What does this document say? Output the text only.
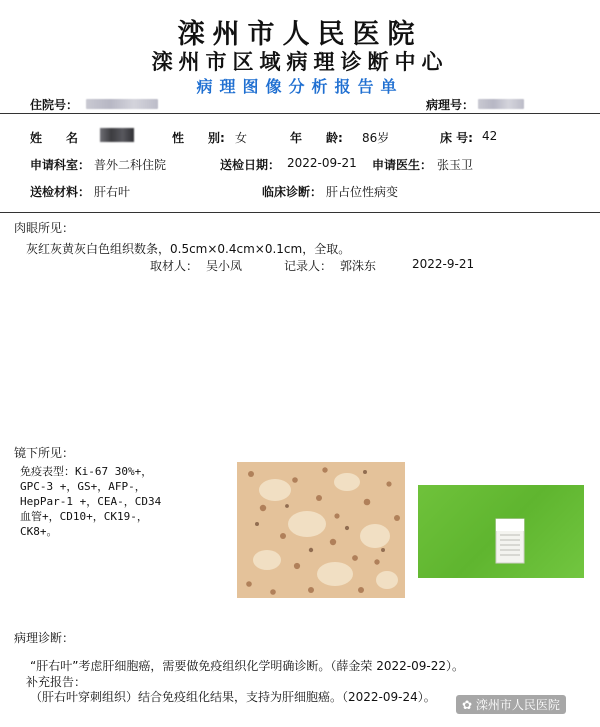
滦州市人民医院
滦州市区域病理诊断中心
病理图像分析报告单
住院号：	病理号：
姓　　名	性　　别: 女	年　　龄: 86岁	床 号: 42
申请科室： 普外二科住院	送检日期： 2022-09-21 申请医生： 张玉卫
送检材料： 肝右叶	临床诊断： 肝占位性病变
肉眼所见：
灰红灰黄灰白色组织数条，0.5cm×0.4cm×0.1cm，全取。
取材人： 吴小凤	记录人： 郭洙东	2022-9-21
镜下所见：
免疫表型：Ki-67 30%+，
GPC-3 +，GS+，AFP-，
HepPar-1 +，CEA-，CD34
血管+，CD10+，CK19-，
CK8+。
病理诊断：
“肝右叶”考虑肝细胞癌，需要做免疫组织化学明确诊断。（薛金荣 2022-09-22）。
补充报告：
（肝右叶穿刺组织）结合免疫组化结果，支持为肝细胞癌。（2022-09-24）。
✿ 滦州市人民医院
